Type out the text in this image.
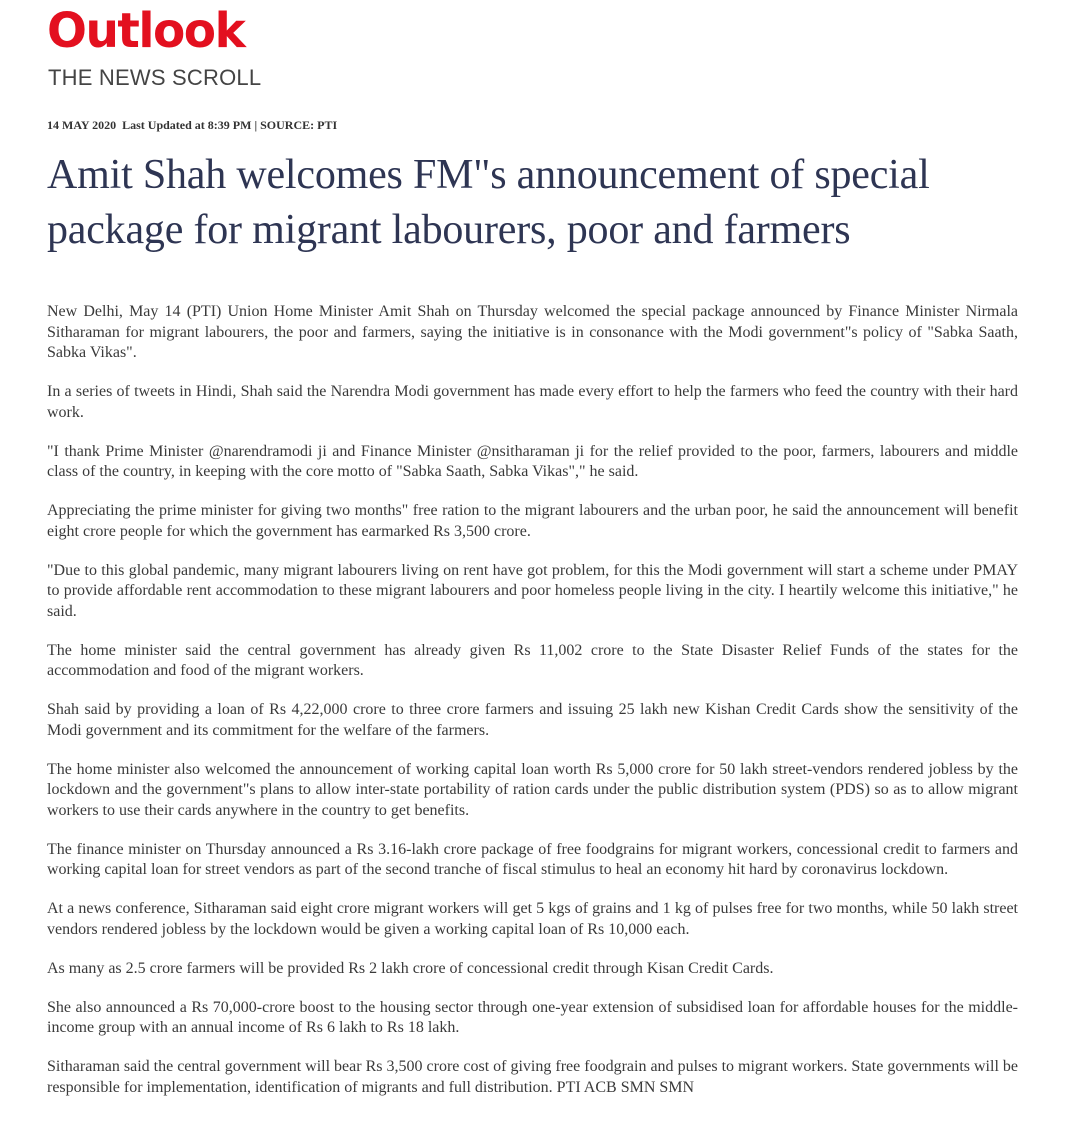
Outlook
THE NEWS SCROLL
14 MAY 2020 Last Updated at 8:39 PM | SOURCE: PTI
Amit Shah welcomes FM"s announcement of special package for migrant labourers, poor and farmers

New Delhi, May 14 (PTI) Union Home Minister Amit Shah on Thursday welcomed the special package announced by Finance Minister Nirmala Sitharaman for migrant labourers, the poor and farmers, saying the initiative is in consonance with the Modi government"s policy of "Sabka Saath, Sabka Vikas".

In a series of tweets in Hindi, Shah said the Narendra Modi government has made every effort to help the farmers who feed the country with their hard work.

"I thank Prime Minister @narendramodi ji and Finance Minister @nsitharaman ji for the relief provided to the poor, farmers, labourers and middle class of the country, in keeping with the core motto of "Sabka Saath, Sabka Vikas"," he said.

Appreciating the prime minister for giving two months" free ration to the migrant labourers and the urban poor, he said the announcement will benefit eight crore people for which the government has earmarked Rs 3,500 crore.

"Due to this global pandemic, many migrant labourers living on rent have got problem, for this the Modi government will start a scheme under PMAY to provide affordable rent accommodation to these migrant labourers and poor homeless people living in the city. I heartily welcome this initiative," he said.

The home minister said the central government has already given Rs 11,002 crore to the State Disaster Relief Funds of the states for the accommodation and food of the migrant workers.

Shah said by providing a loan of Rs 4,22,000 crore to three crore farmers and issuing 25 lakh new Kishan Credit Cards show the sensitivity of the Modi government and its commitment for the welfare of the farmers.

The home minister also welcomed the announcement of working capital loan worth Rs 5,000 crore for 50 lakh street-vendors rendered jobless by the lockdown and the government"s plans to allow inter-state portability of ration cards under the public distribution system (PDS) so as to allow migrant workers to use their cards anywhere in the country to get benefits.

The finance minister on Thursday announced a Rs 3.16-lakh crore package of free foodgrains for migrant workers, concessional credit to farmers and working capital loan for street vendors as part of the second tranche of fiscal stimulus to heal an economy hit hard by coronavirus lockdown.

At a news conference, Sitharaman said eight crore migrant workers will get 5 kgs of grains and 1 kg of pulses free for two months, while 50 lakh street vendors rendered jobless by the lockdown would be given a working capital loan of Rs 10,000 each.

As many as 2.5 crore farmers will be provided Rs 2 lakh crore of concessional credit through Kisan Credit Cards.

She also announced a Rs 70,000-crore boost to the housing sector through one-year extension of subsidised loan for affordable houses for the middle-income group with an annual income of Rs 6 lakh to Rs 18 lakh.

Sitharaman said the central government will bear Rs 3,500 crore cost of giving free foodgrain and pulses to migrant workers. State governments will be responsible for implementation, identification of migrants and full distribution. PTI ACB SMN SMN
